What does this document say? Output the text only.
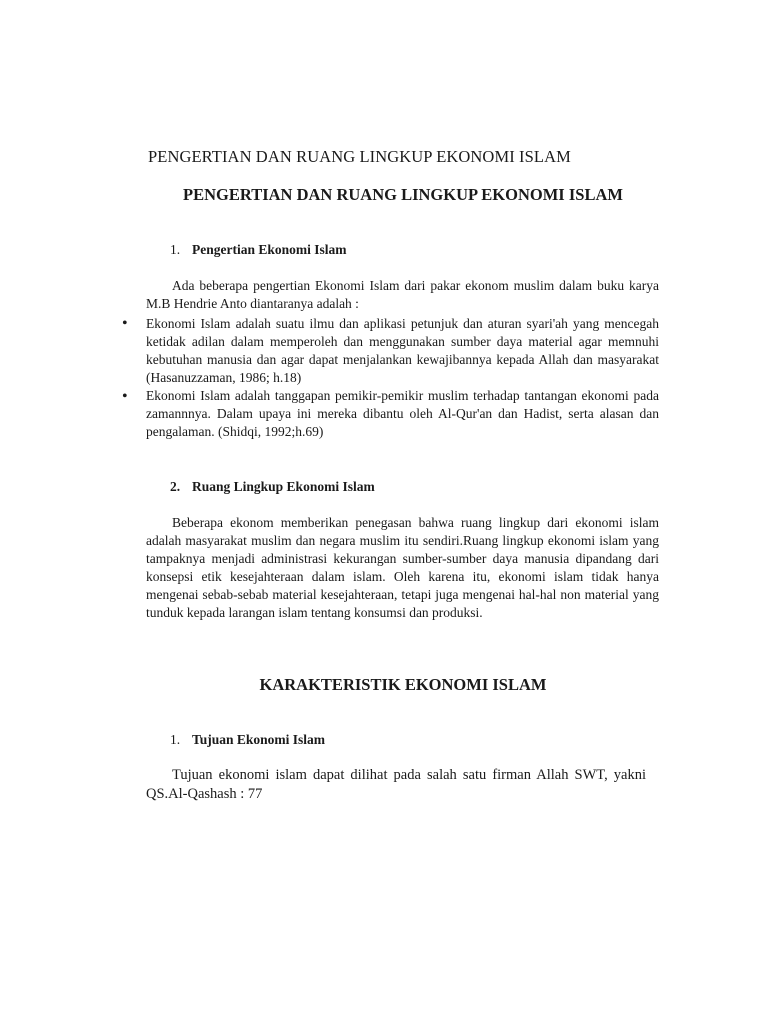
PENGERTIAN DAN RUANG LINGKUP EKONOMI ISLAM
PENGERTIAN DAN RUANG LINGKUP EKONOMI ISLAM
1. Pengertian Ekonomi Islam
Ada beberapa pengertian Ekonomi Islam dari pakar ekonom muslim dalam buku karya M.B Hendrie Anto diantaranya adalah :
•	Ekonomi Islam adalah suatu ilmu dan aplikasi petunjuk dan aturan syari'ah yang mencegah ketidak adilan dalam memperoleh dan menggunakan sumber daya material agar memnuhi kebutuhan manusia dan agar dapat menjalankan kewajibannya kepada Allah dan masyarakat (Hasanuzzaman, 1986; h.18)
•	Ekonomi Islam adalah tanggapan pemikir-pemikir muslim terhadap tantangan ekonomi pada zamannnya. Dalam upaya ini mereka dibantu oleh Al-Qur'an dan Hadist, serta alasan dan pengalaman. (Shidqi, 1992;h.69)
2. Ruang Lingkup Ekonomi Islam
Beberapa ekonom memberikan penegasan bahwa ruang lingkup dari ekonomi islam adalah masyarakat muslim dan negara muslim itu sendiri.Ruang lingkup ekonomi islam yang tampaknya menjadi administrasi kekurangan sumber-sumber daya manusia dipandang dari konsepsi etik kesejahteraan dalam islam. Oleh karena itu, ekonomi islam tidak hanya mengenai sebab-sebab material kesejahteraan, tetapi juga mengenai hal-hal non material yang tunduk kepada larangan islam tentang konsumsi dan produksi.
KARAKTERISTIK EKONOMI ISLAM
1. Tujuan Ekonomi Islam
Tujuan ekonomi islam dapat dilihat pada salah satu firman Allah SWT, yakni QS.Al-Qashash : 77
